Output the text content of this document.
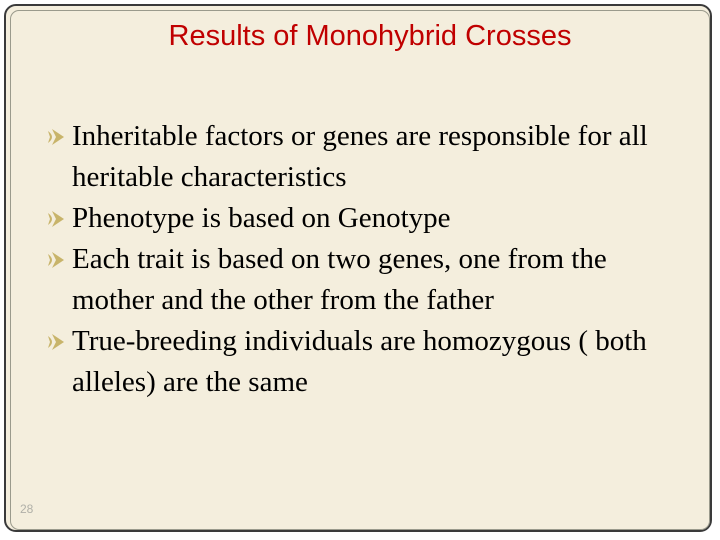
Results of Monohybrid Crosses
Inheritable factors or genes are responsible for all heritable characteristics
Phenotype is based on Genotype
Each trait is based on two genes, one from the mother and the other from the father
True-breeding individuals are homozygous ( both alleles) are the same
28
